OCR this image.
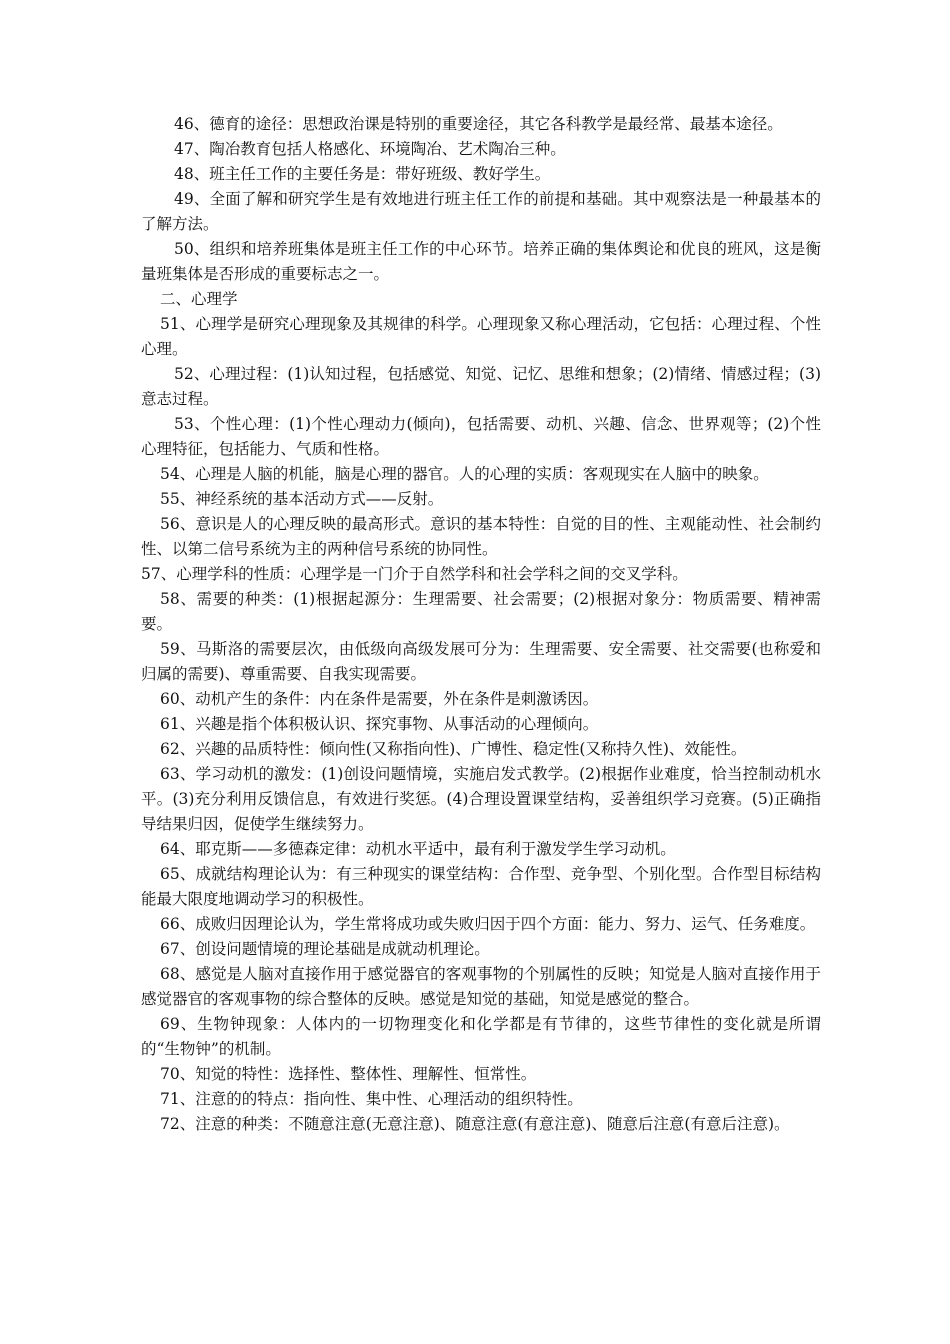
46、德育的途径：思想政治课是特别的重要途径，其它各科教学是最经常、最基本途径。

47、陶冶教育包括人格感化、环境陶冶、艺术陶冶三种。

48、班主任工作的主要任务是：带好班级、教好学生。

49、全面了解和研究学生是有效地进行班主任工作的前提和基础。其中观察法是一种最基本的了解方法。

50、组织和培养班集体是班主任工作的中心环节。培养正确的集体舆论和优良的班风，这是衡量班集体是否形成的重要标志之一。

二、心理学

51、心理学是研究心理现象及其规律的科学。心理现象又称心理活动，它包括：心理过程、个性心理。

52、心理过程：(1)认知过程，包括感觉、知觉、记忆、思维和想象；(2)情绪、情感过程；(3)意志过程。

53、个性心理：(1)个性心理动力(倾向)，包括需要、动机、兴趣、信念、世界观等；(2)个性心理特征，包括能力、气质和性格。

54、心理是人脑的机能，脑是心理的器官。人的心理的实质：客观现实在人脑中的映象。

55、神经系统的基本活动方式——反射。

56、意识是人的心理反映的最高形式。意识的基本特性：自觉的目的性、主观能动性、社会制约性、以第二信号系统为主的两种信号系统的协同性。

57、心理学科的性质：心理学是一门介于自然学科和社会学科之间的交叉学科。

58、需要的种类：(1)根据起源分：生理需要、社会需要；(2)根据对象分：物质需要、精神需要。

59、马斯洛的需要层次，由低级向高级发展可分为：生理需要、安全需要、社交需要(也称爱和归属的需要)、尊重需要、自我实现需要。

60、动机产生的条件：内在条件是需要，外在条件是刺激诱因。

61、兴趣是指个体积极认识、探究事物、从事活动的心理倾向。

62、兴趣的品质特性：倾向性(又称指向性)、广博性、稳定性(又称持久性)、效能性。

63、学习动机的激发：(1)创设问题情境，实施启发式教学。(2)根据作业难度，恰当控制动机水平。(3)充分利用反馈信息，有效进行奖惩。(4)合理设置课堂结构，妥善组织学习竞赛。(5)正确指导结果归因，促使学生继续努力。

64、耶克斯——多德森定律：动机水平适中，最有利于激发学生学习动机。

65、成就结构理论认为：有三种现实的课堂结构：合作型、竞争型、个别化型。合作型目标结构能最大限度地调动学习的积极性。

66、成败归因理论认为，学生常将成功或失败归因于四个方面：能力、努力、运气、任务难度。

67、创设问题情境的理论基础是成就动机理论。

68、感觉是人脑对直接作用于感觉器官的客观事物的个别属性的反映；知觉是人脑对直接作用于感觉器官的客观事物的综合整体的反映。感觉是知觉的基础，知觉是感觉的整合。

69、生物钟现象：人体内的一切物理变化和化学都是有节律的，这些节律性的变化就是所谓的“生物钟”的机制。

70、知觉的特性：选择性、整体性、理解性、恒常性。

71、注意的的特点：指向性、集中性、心理活动的组织特性。

72、注意的种类：不随意注意(无意注意)、随意注意(有意注意)、随意后注意(有意后注意)。
